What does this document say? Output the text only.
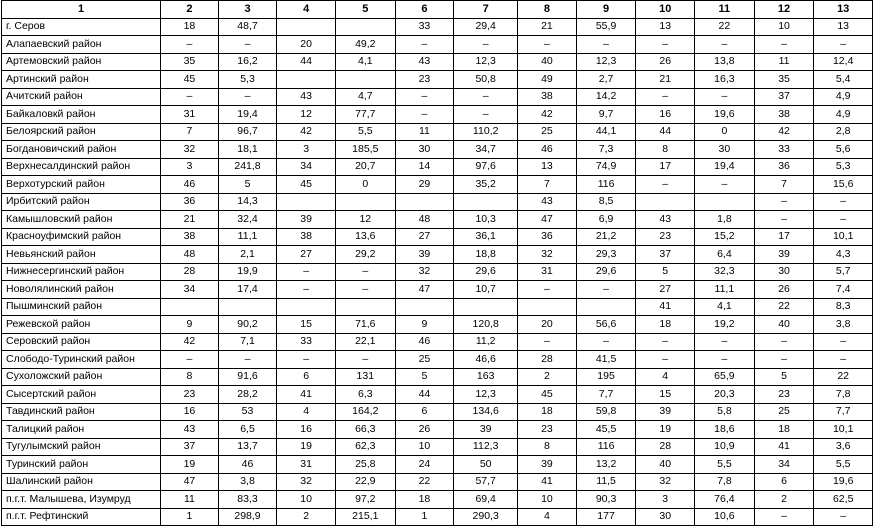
1	2	3	4	5	6	7	8	9	10	11	12	13
г. Серов	18	48,7			33	29,4	21	55,9	13	22	10	13
Алапаевский район	–	–	20	49,2	–	–	–	–	–	–	–	–
Артемовский район	35	16,2	44	4,1	43	12,3	40	12,3	26	13,8	11	12,4
Артинский район	45	5,3			23	50,8	49	2,7	21	16,3	35	5,4
Ачитский район	–	–	43	4,7	–	–	38	14,2	–	–	37	4,9
Байкаловкй район	31	19,4	12	77,7	–	–	42	9,7	16	19,6	38	4,9
Белоярский район	7	96,7	42	5,5	11	110,2	25	44,1	44	0	42	2,8
Богдановичский район	32	18,1	3	185,5	30	34,7	46	7,3	8	30	33	5,6
Верхнесалдинский район	3	241,8	34	20,7	14	97,6	13	74,9	17	19,4	36	5,3
Верхотурский район	46	5	45	0	29	35,2	7	116	–	–	7	15,6
Ирбитский район	36	14,3					43	8,5			–	–
Камышловский район	21	32,4	39	12	48	10,3	47	6,9	43	1,8	–	–
Красноуфимский район	38	11,1	38	13,6	27	36,1	36	21,2	23	15,2	17	10,1
Невьянский район	48	2,1	27	29,2	39	18,8	32	29,3	37	6,4	39	4,3
Нижнесергинский район	28	19,9	–	–	32	29,6	31	29,6	5	32,3	30	5,7
Новолялинский район	34	17,4	–	–	47	10,7	–	–	27	11,1	26	7,4
Пышминский район									41	4,1	22	8,3
Режевской район	9	90,2	15	71,6	9	120,8	20	56,6	18	19,2	40	3,8
Серовский район	42	7,1	33	22,1	46	11,2	–	–	–	–	–	–
Слободо-Туринский район	–	–	–	–	25	46,6	28	41,5	–	–	–	–
Сухоложский район	8	91,6	6	131	5	163	2	195	4	65,9	5	22
Сысертский район	23	28,2	41	6,3	44	12,3	45	7,7	15	20,3	23	7,8
Тавдинский район	16	53	4	164,2	6	134,6	18	59,8	39	5,8	25	7,7
Талицкий район	43	6,5	16	66,3	26	39	23	45,5	19	18,6	18	10,1
Тугулымский район	37	13,7	19	62,3	10	112,3	8	116	28	10,9	41	3,6
Туринский район	19	46	31	25,8	24	50	39	13,2	40	5,5	34	5,5
Шалинский район	47	3,8	32	22,9	22	57,7	41	11,5	32	7,8	6	19,6
п.г.т. Малышева, Изумруд	11	83,3	10	97,2	18	69,4	10	90,3	3	76,4	2	62,5
п.г.т. Рефтинский	1	298,9	2	215,1	1	290,3	4	177	30	10,6	–	–
